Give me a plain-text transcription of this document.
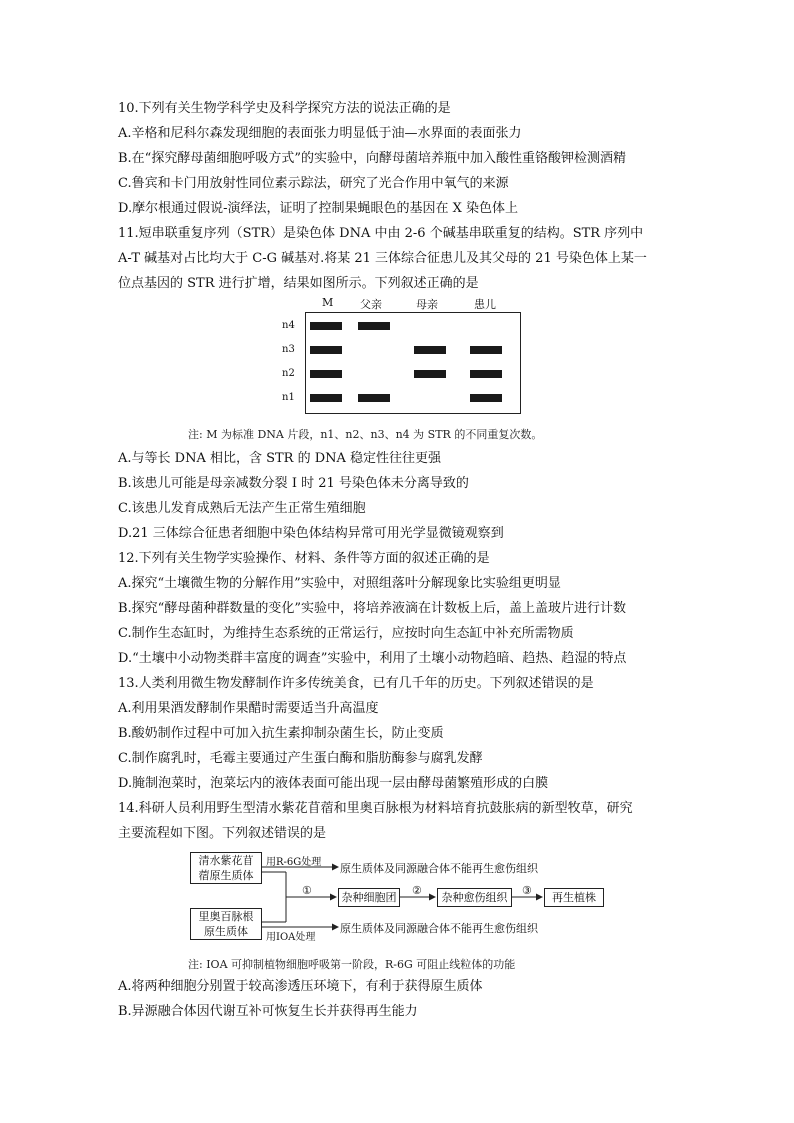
10.下列有关生物学科学史及科学探究方法的说法正确的是
A.辛格和尼科尔森发现细胞的表面张力明显低于油—水界面的表面张力
B.在“探究酵母菌细胞呼吸方式”的实验中，向酵母菌培养瓶中加入酸性重铬酸钾检测酒精
C.鲁宾和卡门用放射性同位素示踪法，研究了光合作用中氧气的来源
D.摩尔根通过假说-演绎法，证明了控制果蝇眼色的基因在 X 染色体上
11.短串联重复序列（STR）是染色体 DNA 中由 2-6 个碱基串联重复的结构。STR 序列中
A-T 碱基对占比均大于 C-G 碱基对.将某 21 三体综合征患儿及其父母的 21 号染色体上某一
位点基因的 STR 进行扩增，结果如图所示。下列叙述正确的是
M 父亲	母亲	患儿
n4
n3
n2
n1
注: M 为标准 DNA 片段，n1、n2、n3、n4 为 STR 的不同重复次数。
A.与等长 DNA 相比，含 STR 的 DNA 稳定性往往更强
B.该患儿可能是母亲减数分裂 I 时 21 号染色体未分离导致的
C.该患儿发育成熟后无法产生正常生殖细胞
D.21 三体综合征患者细胞中染色体结构异常可用光学显微镜观察到
12.下列有关生物学实验操作、材料、条件等方面的叙述正确的是
A.探究“土壤微生物的分解作用”实验中，对照组落叶分解现象比实验组更明显
B.探究“酵母菌种群数量的变化”实验中，将培养液滴在计数板上后，盖上盖玻片进行计数
C.制作生态缸时，为维持生态系统的正常运行，应按时向生态缸中补充所需物质
D.“土壤中小动物类群丰富度的调查”实验中，利用了土壤小动物趋暗、趋热、趋湿的特点
13.人类利用微生物发酵制作许多传统美食，已有几千年的历史。下列叙述错误的是
A.利用果酒发酵制作果醋时需要适当升高温度
B.酸奶制作过程中可加入抗生素抑制杂菌生长，防止变质
C.制作腐乳时，毛霉主要通过产生蛋白酶和脂肪酶参与腐乳发酵
D.腌制泡菜时，泡菜坛内的液体表面可能出现一层由酵母菌繁殖形成的白膜
14.科研人员利用野生型清水紫花苜蓿和里奥百脉根为材料培育抗鼓胀病的新型牧草，研究
主要流程如下图。下列叙述错误的是
清水紫花苜
蓿原生质体
里奥百脉根
原生质体
用R-6G处理
用IOA处理
原生质体及同源融合体不能再生愈伤组织
原生质体及同源融合体不能再生愈伤组织
①	②	③
杂种细胞团	杂种愈伤组织	再生植株
注: IOA 可抑制植物细胞呼吸第一阶段，R-6G 可阻止线粒体的功能
A.将两种细胞分别置于较高渗透压环境下，有利于获得原生质体
B.异源融合体因代谢互补可恢复生长并获得再生能力
